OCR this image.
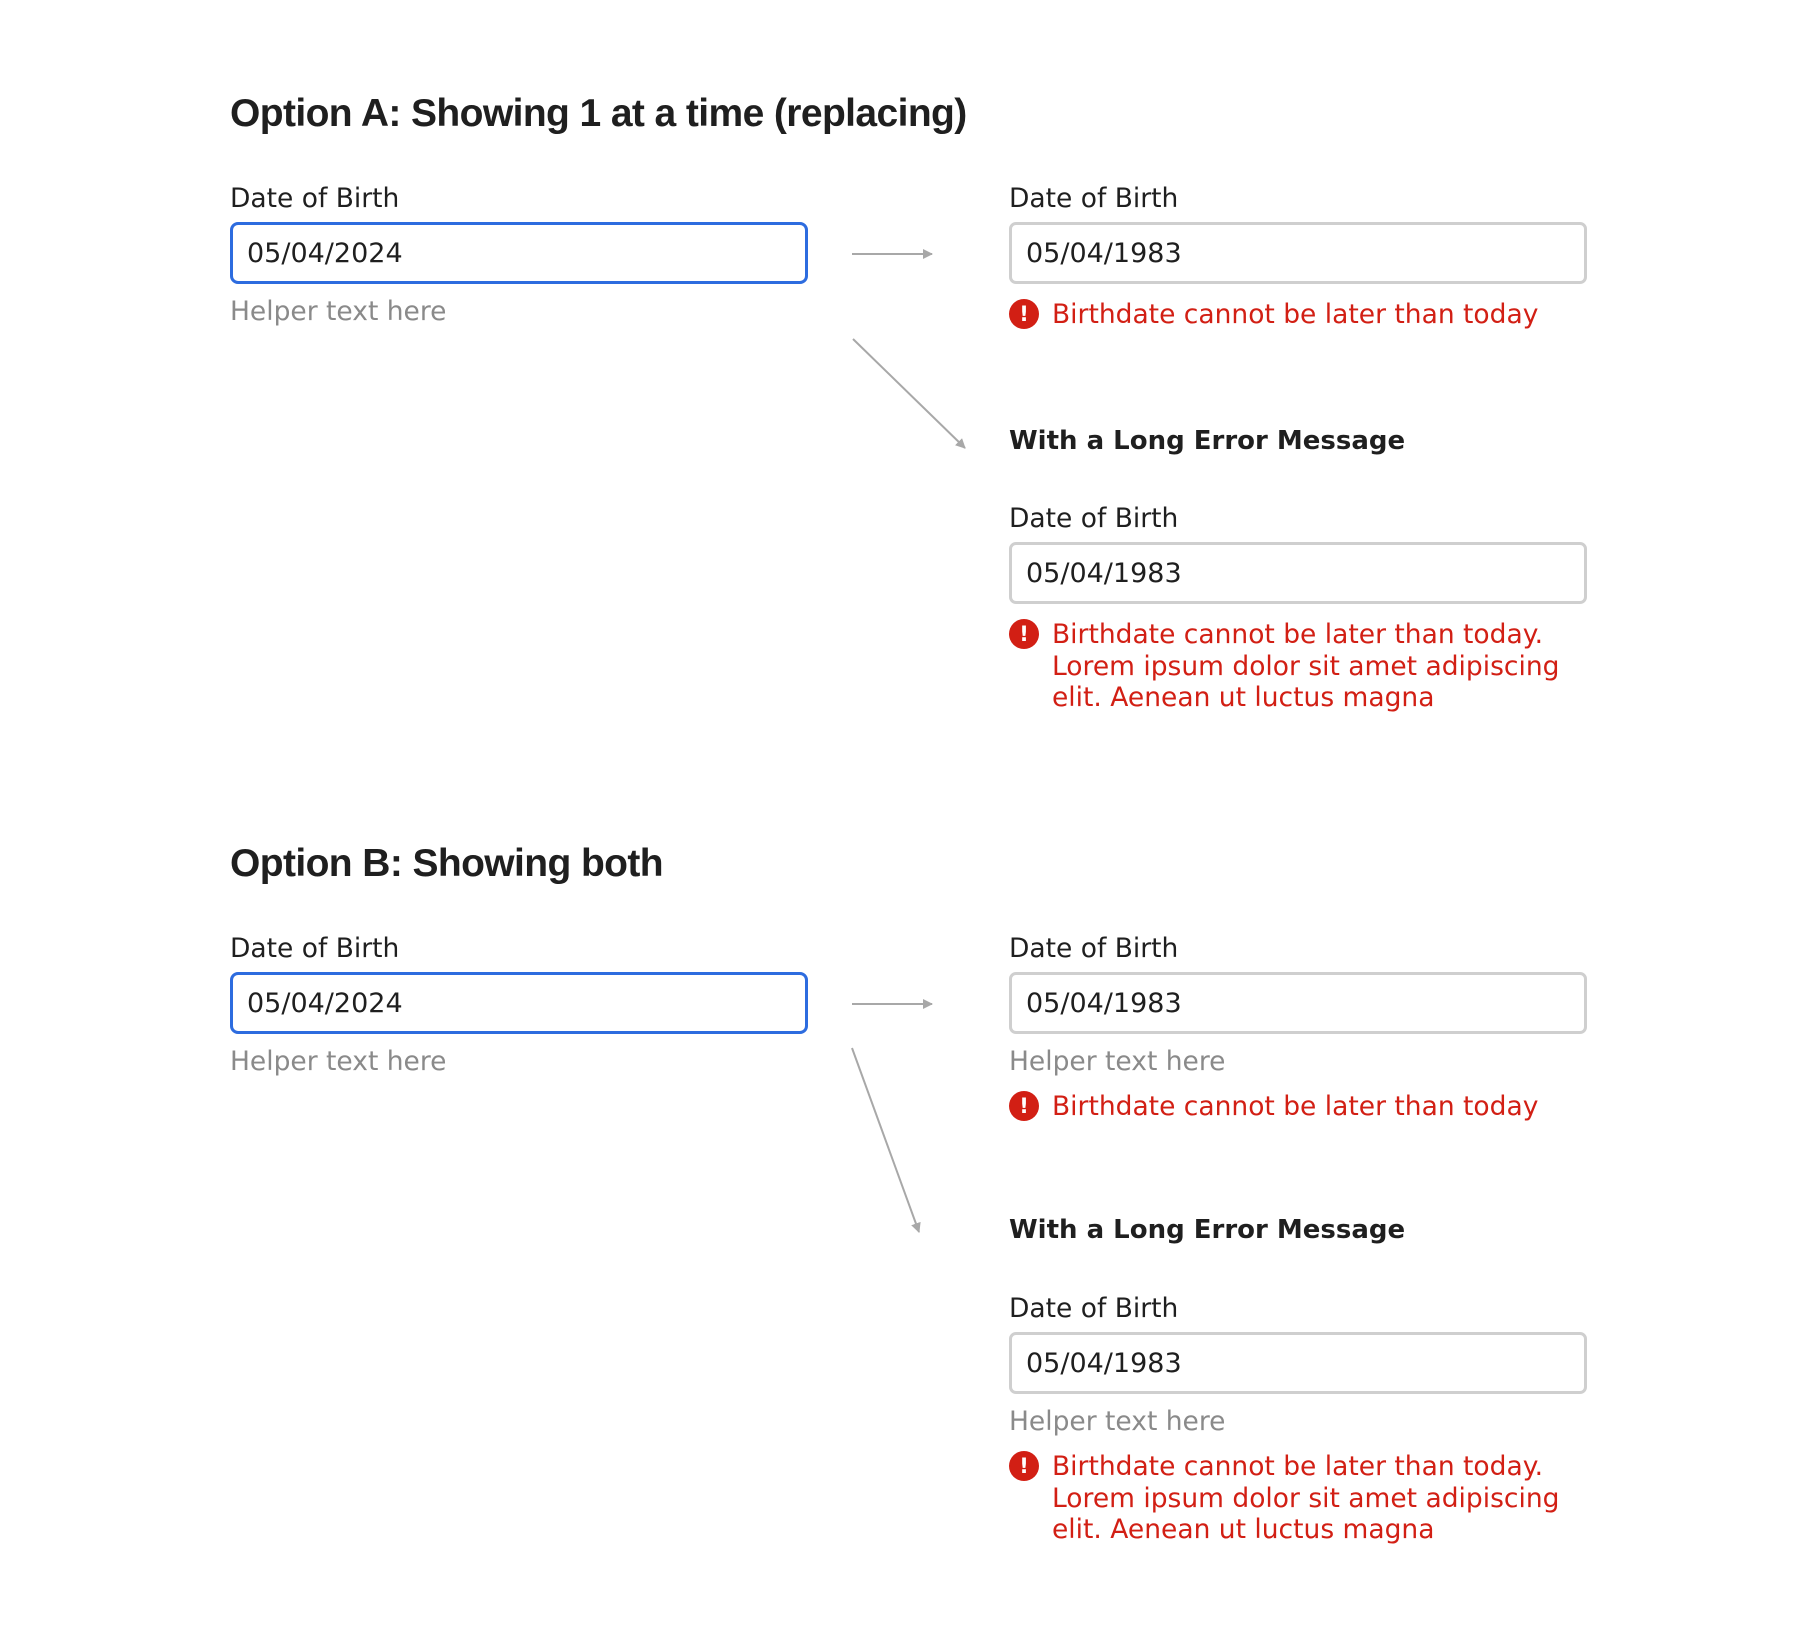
Option A: Showing 1 at a time (replacing)
Date of Birth
05/04/2024
Helper text here
Date of Birth
05/04/1983
! Birthdate cannot be later than today
With a Long Error Message
Date of Birth
05/04/1983
! Birthdate cannot be later than today.
Lorem ipsum dolor sit amet adipiscing
elit. Aenean ut luctus magna
Option B: Showing both
Date of Birth
05/04/2024
Helper text here
Date of Birth
05/04/1983
Helper text here
! Birthdate cannot be later than today
With a Long Error Message
Date of Birth
05/04/1983
Helper text here
! Birthdate cannot be later than today.
Lorem ipsum dolor sit amet adipiscing
elit. Aenean ut luctus magna
